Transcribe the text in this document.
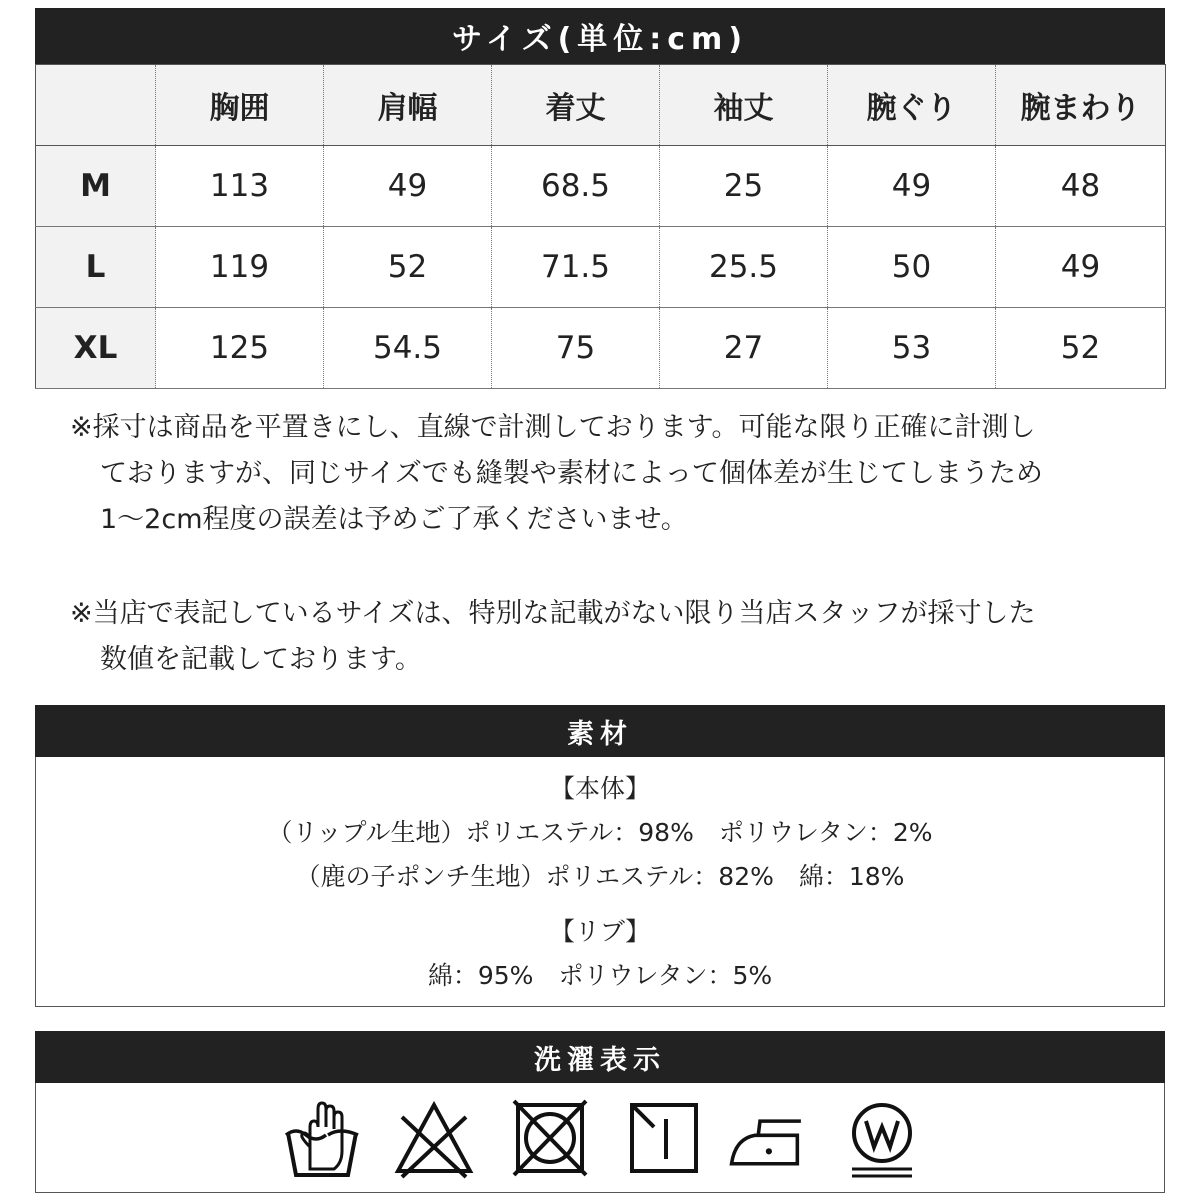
サイズ(単位:cm)
	胸囲	肩幅	着丈	袖丈	腕ぐり	腕まわり
M	113	49	68.5	25	49	48
L	119	52	71.5	25.5	50	49
XL	125	54.5	75	27	53	52
※採寸は商品を平置きにし、直線で計測しております。可能な限り正確に計測し
ておりますが、同じサイズでも縫製や素材によって個体差が生じてしまうため
1～2cm程度の誤差は予めご了承くださいませ。
※当店で表記しているサイズは、特別な記載がない限り当店スタッフが採寸した
数値を記載しております。
素材
【本体】
（リップル生地）ポリエステル：98%　ポリウレタン：2%
（鹿の子ポンチ生地）ポリエステル：82%　綿：18%
【リブ】
綿：95%　ポリウレタン：5%
洗濯表示
